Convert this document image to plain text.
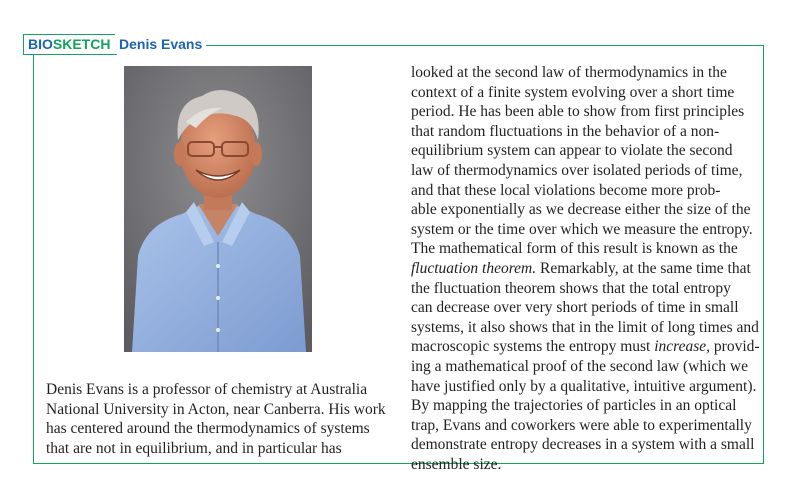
BIOSKETCH Denis Evans
Denis Evans is a professor of chemistry at Australia
National University in Acton, near Canberra. His work
has centered around the thermodynamics of systems
that are not in equilibrium, and in particular has
looked at the second law of thermodynamics in the
context of a finite system evolving over a short time
period. He has been able to show from first principles
that random fluctuations in the behavior of a non-
equilibrium system can appear to violate the second
law of thermodynamics over isolated periods of time,
and that these local violations become more prob-
able exponentially as we decrease either the size of the
system or the time over which we measure the entropy.
The mathematical form of this result is known as the
fluctuation theorem. Remarkably, at the same time that
the fluctuation theorem shows that the total entropy
can decrease over very short periods of time in small
systems, it also shows that in the limit of long times and
macroscopic systems the entropy must increase, provid-
ing a mathematical proof of the second law (which we
have justified only by a qualitative, intuitive argument).
By mapping the trajectories of particles in an optical
trap, Evans and coworkers were able to experimentally
demonstrate entropy decreases in a system with a small
ensemble size.
